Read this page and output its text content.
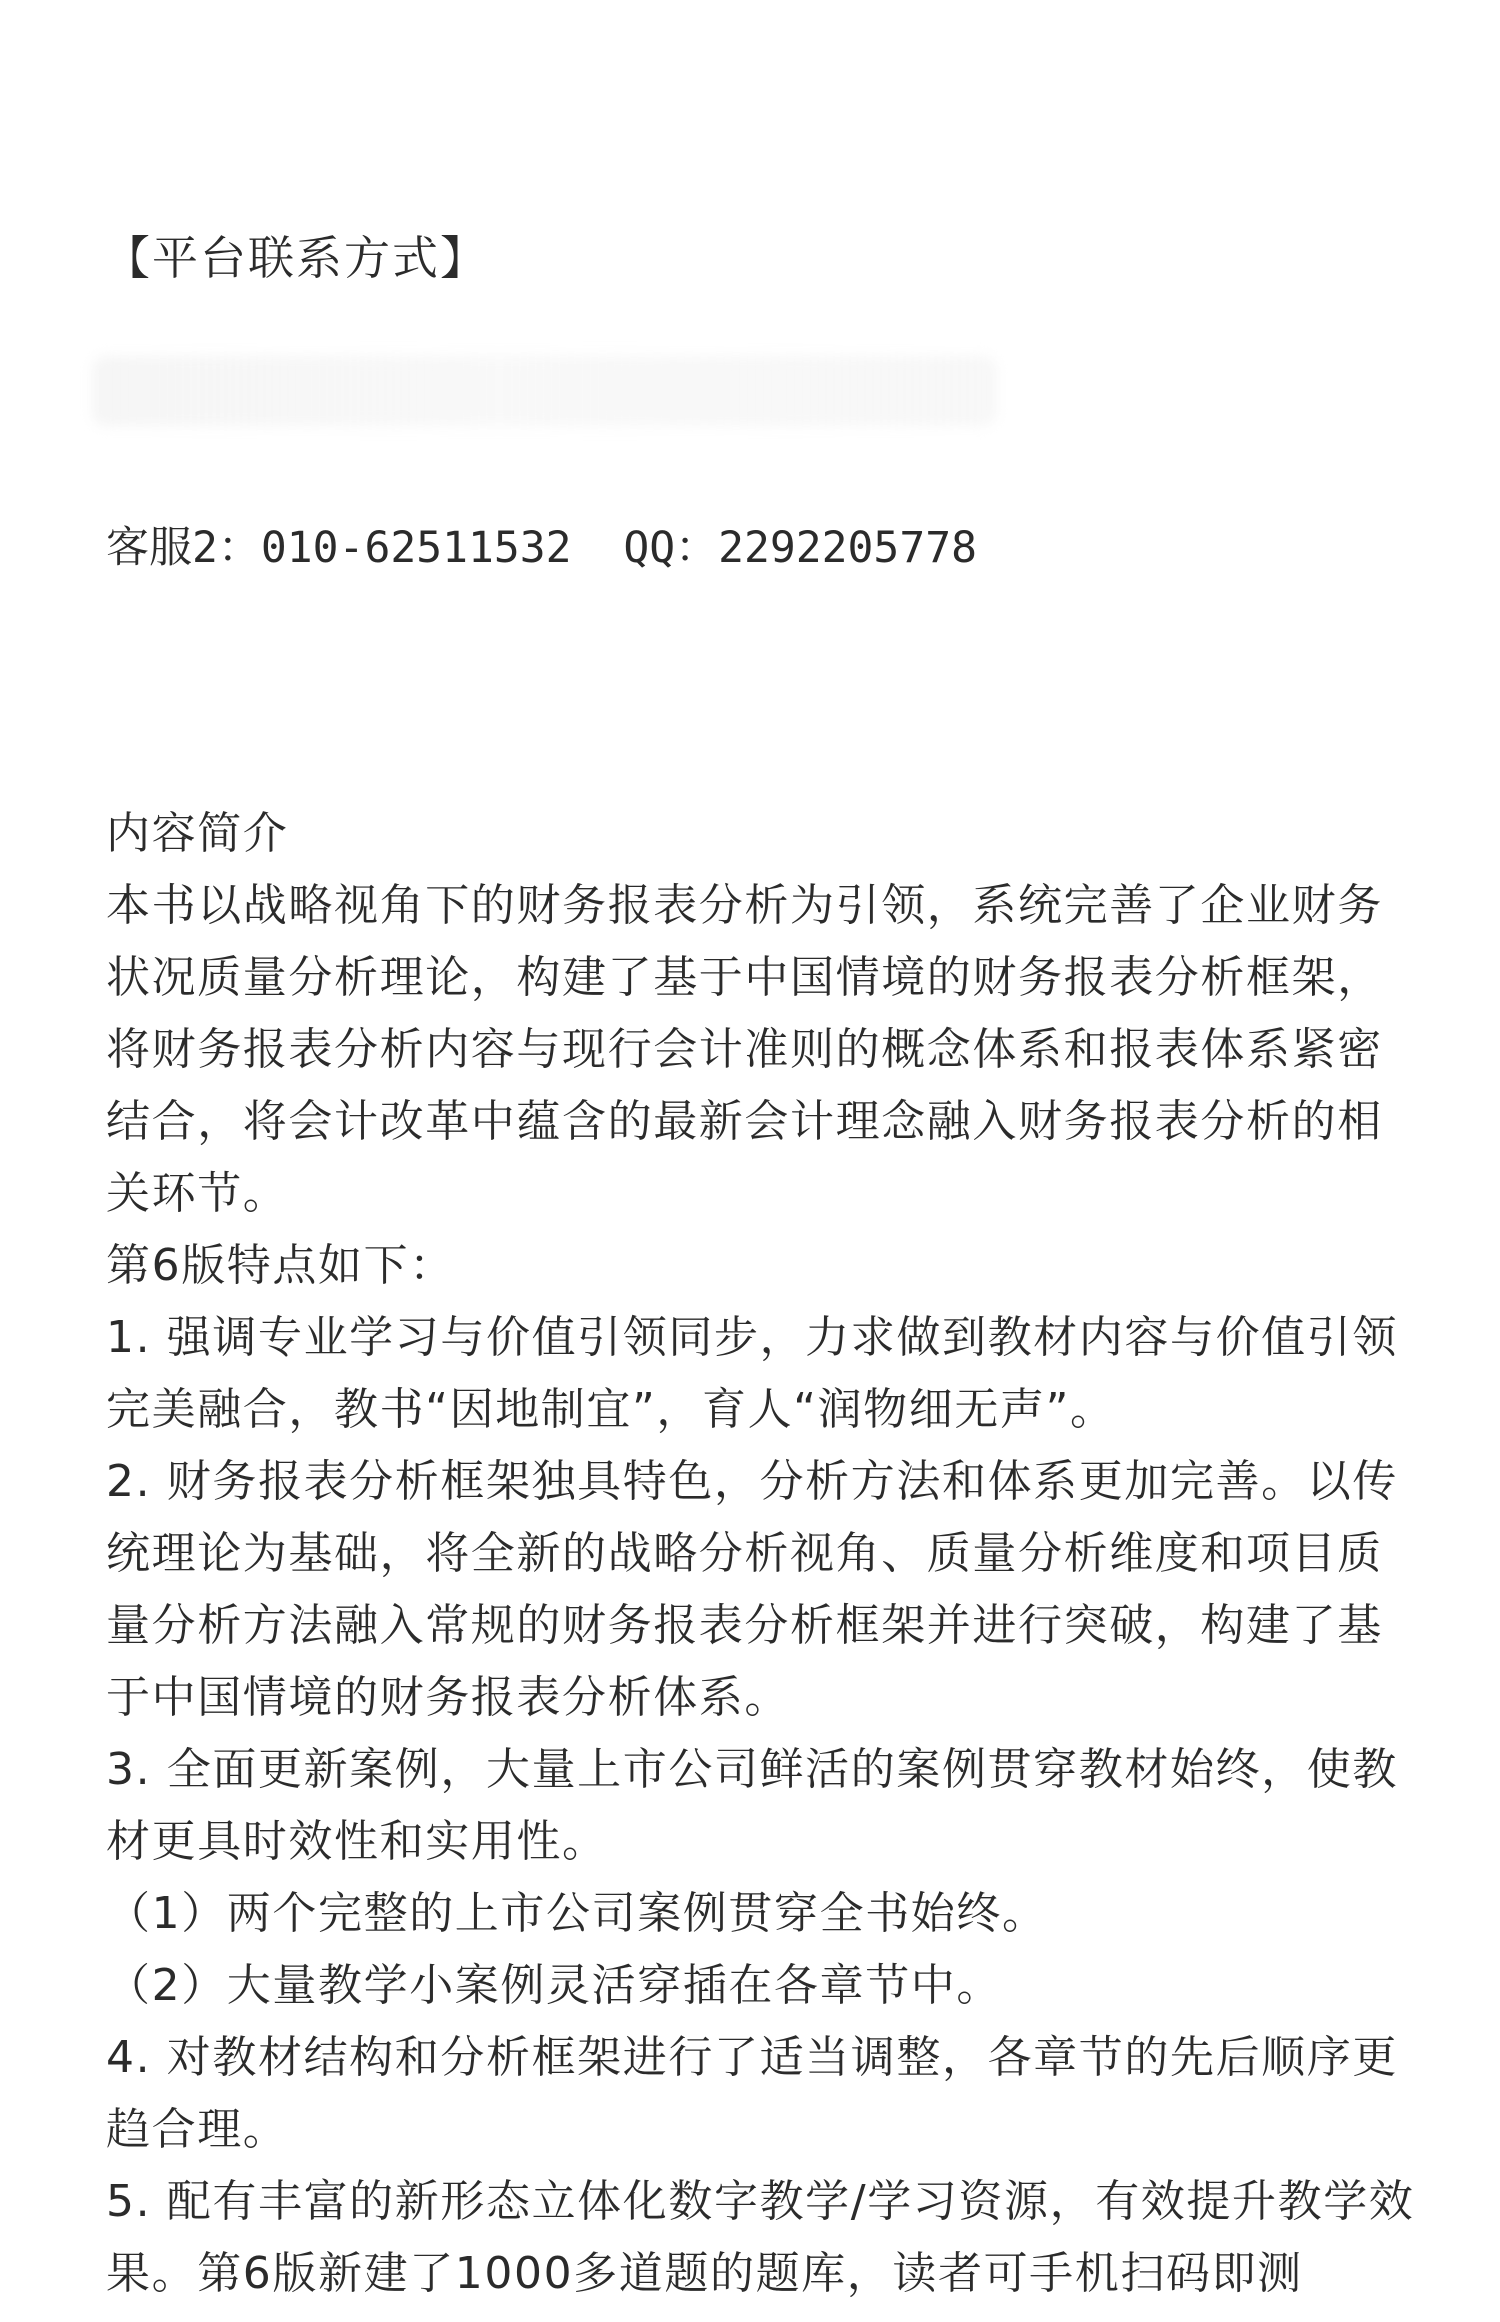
【平台联系方式】
客服2：010-62511532  QQ：2292205778

内容简介

本书以战略视角下的财务报表分析为引领，系统完善了企业财务状况质量分析理论，构建了基于中国情境的财务报表分析框架，将财务报表分析内容与现行会计准则的概念体系和报表体系紧密结合，将会计改革中蕴含的最新会计理念融入财务报表分析的相关环节。

第6版特点如下：

1. 强调专业学习与价值引领同步，力求做到教材内容与价值引领完美融合，教书“因地制宜”，育人“润物细无声”。

2. 财务报表分析框架独具特色，分析方法和体系更加完善。以传统理论为基础，将全新的战略分析视角、质量分析维度和项目质量分析方法融入常规的财务报表分析框架并进行突破，构建了基于中国情境的财务报表分析体系。

3. 全面更新案例，大量上市公司鲜活的案例贯穿教材始终，使教材更具时效性和实用性。

（1）两个完整的上市公司案例贯穿全书始终。

（2）大量教学小案例灵活穿插在各章节中。

4. 对教材结构和分析框架进行了适当调整，各章节的先后顺序更趋合理。

5. 配有丰富的新形态立体化数字教学/学习资源，有效提升教学效果。第6版新建了1000多道题的题库，读者可手机扫码即测
